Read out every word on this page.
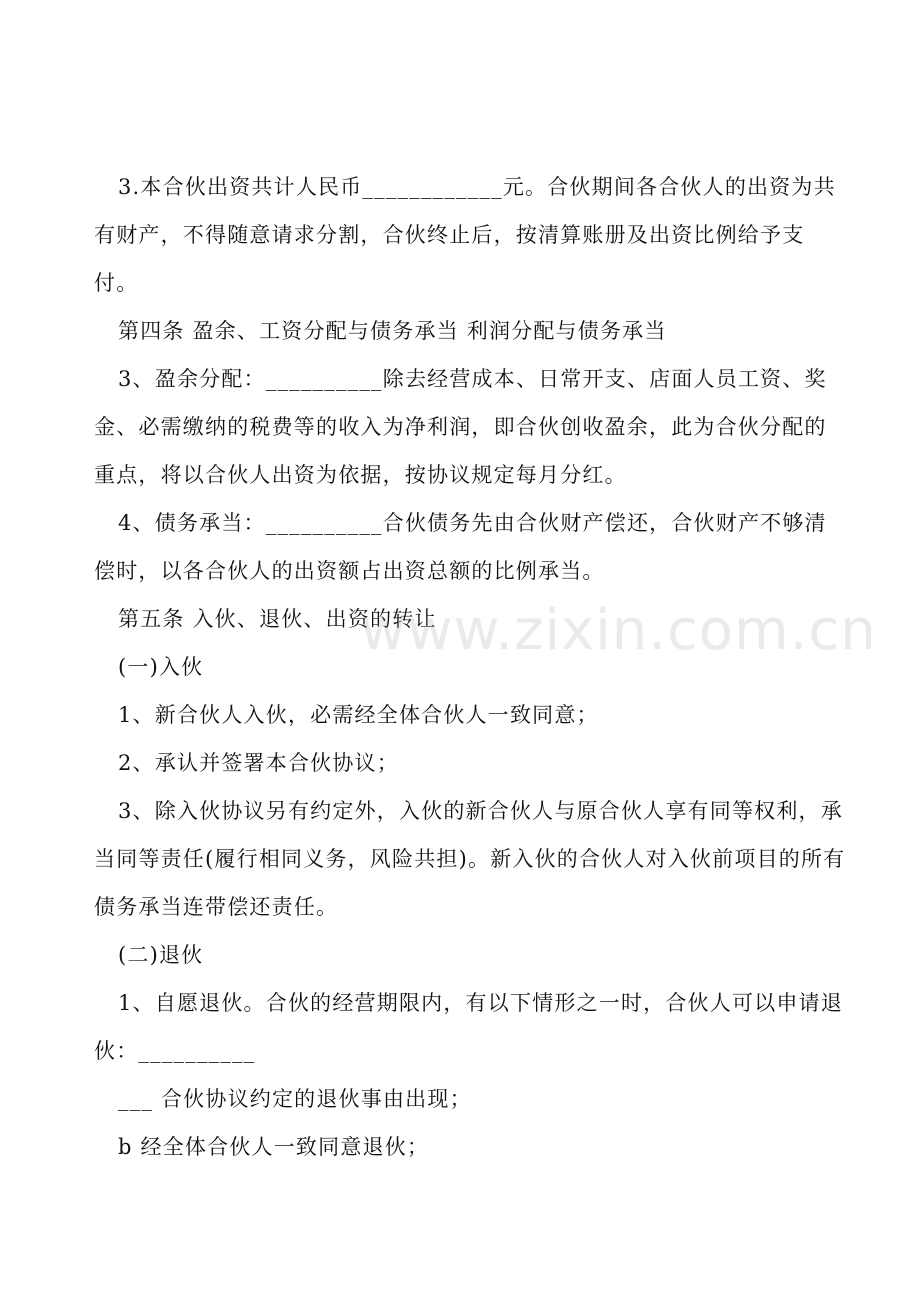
3.本合伙出资共计人民币____________元。合伙期间各合伙人的出资为共有财产，不得随意请求分割，合伙终止后，按清算账册及出资比例给予支付。

第四条 盈余、工资分配与债务承当 利润分配与债务承当

3、盈余分配：__________除去经营成本、日常开支、店面人员工资、奖金、必需缴纳的税费等的收入为净利润，即合伙创收盈余，此为合伙分配的重点，将以合伙人出资为依据，按协议规定每月分红。

4、债务承当：__________合伙债务先由合伙财产偿还，合伙财产不够清偿时，以各合伙人的出资额占出资总额的比例承当。

第五条 入伙、退伙、出资的转让

(一)入伙

1、新合伙人入伙，必需经全体合伙人一致同意；

2、承认并签署本合伙协议；

3、除入伙协议另有约定外，入伙的新合伙人与原合伙人享有同等权利，承当同等责任(履行相同义务，风险共担)。新入伙的合伙人对入伙前项目的所有债务承当连带偿还责任。

(二)退伙

1、自愿退伙。合伙的经营期限内，有以下情形之一时，合伙人可以申请退伙：__________

___ 合伙协议约定的退伙事由出现；

b 经全体合伙人一致同意退伙；

www.zixin.com.cn
